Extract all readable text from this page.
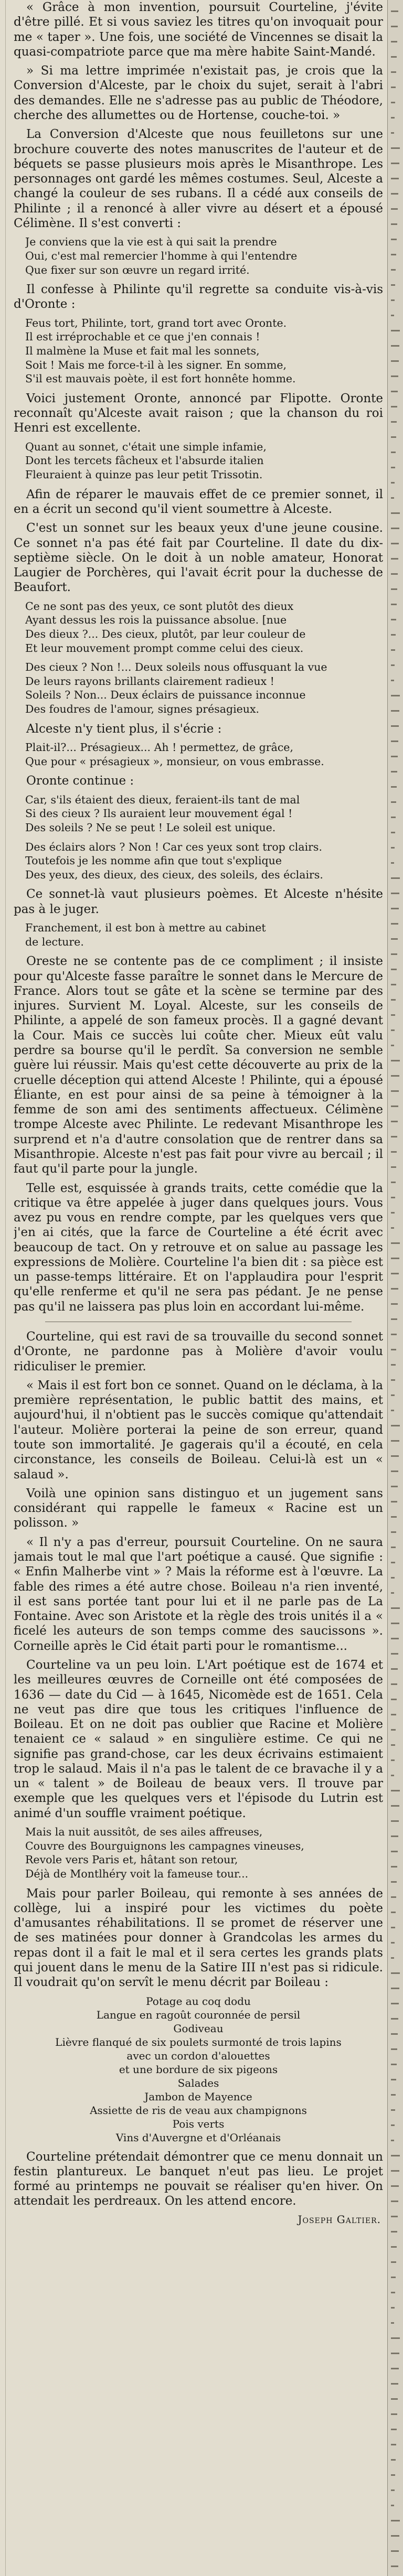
« Grâce à mon invention, poursuit Courteline, j'évite d'être pillé. Et si vous saviez les titres qu'on invoquait pour me « taper ». Une fois, une société de Vincennes se disait la quasi-compatriote parce que ma mère habite Saint-Mandé.

» Si ma lettre imprimée n'existait pas, je crois que la Conversion d'Alceste, par le choix du sujet, serait à l'abri des demandes. Elle ne s'adresse pas au public de Théodore, cherche des allumettes ou de Hortense, couche-toi. »

La Conversion d'Alceste que nous feuilletons sur une brochure couverte des notes manuscrites de l'auteur et de béquets se passe plusieurs mois après le Misanthrope. Les personnages ont gardé les mêmes costumes. Seul, Alceste a changé la couleur de ses rubans. Il a cédé aux conseils de Philinte ; il a renoncé à aller vivre au désert et a épousé Célimène. Il s'est converti :

Je conviens que la vie est à qui sait la prendre
Oui, c'est mal remercier l'homme à qui l'entendre
Que fixer sur son œuvre un regard irrité.

Il confesse à Philinte qu'il regrette sa conduite vis-à-vis d'Oronte :

Feus tort, Philinte, tort, grand tort avec Oronte.
Il est irréprochable et ce que j'en connais !
Il malmène la Muse et fait mal les sonnets,
Soit ! Mais me force-t-il à les signer. En somme,
S'il est mauvais poète, il est fort honnête homme.

Voici justement Oronte, annoncé par Flipotte. Oronte reconnaît qu'Alceste avait raison ; que la chanson du roi Henri est excellente.

Quant au sonnet, c'était une simple infamie,
Dont les tercets fâcheux et l'absurde italien
Fleuraient à quinze pas leur petit Trissotin.

Afin de réparer le mauvais effet de ce premier sonnet, il en a écrit un second qu'il vient soumettre à Alceste.

C'est un sonnet sur les beaux yeux d'une jeune cousine. Ce sonnet n'a pas été fait par Courteline. Il date du dix-septième siècle. On le doit à un noble amateur, Honorat Laugier de Porchères, qui l'avait écrit pour la duchesse de Beaufort.

Ce ne sont pas des yeux, ce sont plutôt des dieux
Ayant dessus les rois la puissance absolue. [nue
Des dieux ?... Des cieux, plutôt, par leur couleur de
Et leur mouvement prompt comme celui des cieux.
Des cieux ? Non !... Deux soleils nous offusquant la vue
De leurs rayons brillants clairement radieux !
Soleils ? Non... Deux éclairs de puissance inconnue
Des foudres de l'amour, signes présagieux.

Alceste n'y tient plus, il s'écrie :

Plait-il?... Présagieux... Ah ! permettez, de grâce,
Que pour « présagieux », monsieur, on vous embrasse.

Oronte continue :

Car, s'ils étaient des dieux, feraient-ils tant de mal
Si des cieux ? Ils auraient leur mouvement égal !
Des soleils ? Ne se peut ! Le soleil est unique.
Des éclairs alors ? Non ! Car ces yeux sont trop clairs.
Toutefois je les nomme afin que tout s'explique
Des yeux, des dieux, des cieux, des soleils, des éclairs.

Ce sonnet-là vaut plusieurs poèmes. Et Alceste n'hésite pas à le juger.

Franchement, il est bon à mettre au cabinet
de lecture.

Oreste ne se contente pas de ce compliment ; il insiste pour qu'Alceste fasse paraître le sonnet dans le Mercure de France. Alors tout se gâte et la scène se termine par des injures. Survient M. Loyal. Alceste, sur les conseils de Philinte, a appelé de son fameux procès. Il a gagné devant la Cour. Mais ce succès lui coûte cher. Mieux eût valu perdre sa bourse qu'il le perdît. Sa conversion ne semble guère lui réussir. Mais qu'est cette découverte au prix de la cruelle déception qui attend Alceste ! Philinte, qui a épousé Éliante, en est pour ainsi de sa peine à témoigner à la femme de son ami des sentiments affectueux. Célimène trompe Alceste avec Philinte. Le redevant Misanthrope les surprend et n'a d'autre consolation que de rentrer dans sa Misanthropie. Alceste n'est pas fait pour vivre au bercail ; il faut qu'il parte pour la jungle.

Telle est, esquissée à grands traits, cette comédie que la critique va être appelée à juger dans quelques jours. Vous avez pu vous en rendre compte, par les quelques vers que j'en ai cités, que la farce de Courteline a été écrit avec beaucoup de tact. On y retrouve et on salue au passage les expressions de Molière. Courteline l'a bien dit : sa pièce est un passe-temps littéraire. Et on l'applaudira pour l'esprit qu'elle renferme et qu'il ne sera pas pédant. Je ne pense pas qu'il ne laissera pas plus loin en accordant lui-même.

Courteline, qui est ravi de sa trouvaille du second sonnet d'Oronte, ne pardonne pas à Molière d'avoir voulu ridiculiser le premier.

« Mais il est fort bon ce sonnet. Quand on le déclama, à la première représentation, le public battit des mains, et aujourd'hui, il n'obtient pas le succès comique qu'attendait l'auteur. Molière porterai la peine de son erreur, quand toute son immortalité. Je gagerais qu'il a écouté, en cela circonstance, les conseils de Boileau. Celui-là est un « salaud ».

Voilà une opinion sans distinguo et un jugement sans considérant qui rappelle le fameux « Racine est un polisson. »

« Il n'y a pas d'erreur, poursuit Courteline. On ne saura jamais tout le mal que l'art poétique a causé. Que signifie : « Enfin Malherbe vint » ? Mais la réforme est à l'œuvre. La fable des rimes a été autre chose. Boileau n'a rien inventé, il est sans portée tant pour lui et il ne parle pas de La Fontaine. Avec son Aristote et la règle des trois unités il a « ficelé les auteurs de son temps comme des saucissons ». Corneille après le Cid était parti pour le romantisme...

Courteline va un peu loin. L'Art poétique est de 1674 et les meilleures œuvres de Corneille ont été composées de 1636 — date du Cid — à 1645, Nicomède est de 1651. Cela ne veut pas dire que tous les critiques l'influence de Boileau. Et on ne doit pas oublier que Racine et Molière tenaient ce « salaud » en singulière estime. Ce qui ne signifie pas grand-chose, car les deux écrivains estimaient trop le salaud. Mais il n'a pas le talent de ce bravache il y a un « talent » de Boileau de beaux vers. Il trouve par exemple que les quelques vers et l'épisode du Lutrin est animé d'un souffle vraiment poétique.

Mais la nuit aussitôt, de ses ailes affreuses,
Couvre des Bourguignons les campagnes vineuses,
Revole vers Paris et, hâtant son retour,
Déjà de Montlhéry voit la fameuse tour...

Mais pour parler Boileau, qui remonte à ses années de collège, lui a inspiré pour les victimes du poète d'amusantes réhabilitations. Il se promet de réserver une de ses matinées pour donner à Grandcolas les armes du repas dont il a fait le mal et il sera certes les grands plats qui jouent dans le menu de la Satire III n'est pas si ridicule. Il voudrait qu'on servît le menu décrit par Boileau :

Potage au coq dodu
Langue en ragoût couronnée de persil
Godiveau
Lièvre flanqué de six poulets surmonté de trois lapins
avec un cordon d'alouettes
et une bordure de six pigeons
Salades
Jambon de Mayence
Assiette de ris de veau aux champignons
Pois verts
Vins d'Auvergne et d'Orléanais

Courteline prétendait démontrer que ce menu donnait un festin plantureux. Le banquet n'eut pas lieu. Le projet formé au printemps ne pouvait se réaliser qu'en hiver. On attendait les perdreaux. On les attend encore.

Joseph Galtier.
